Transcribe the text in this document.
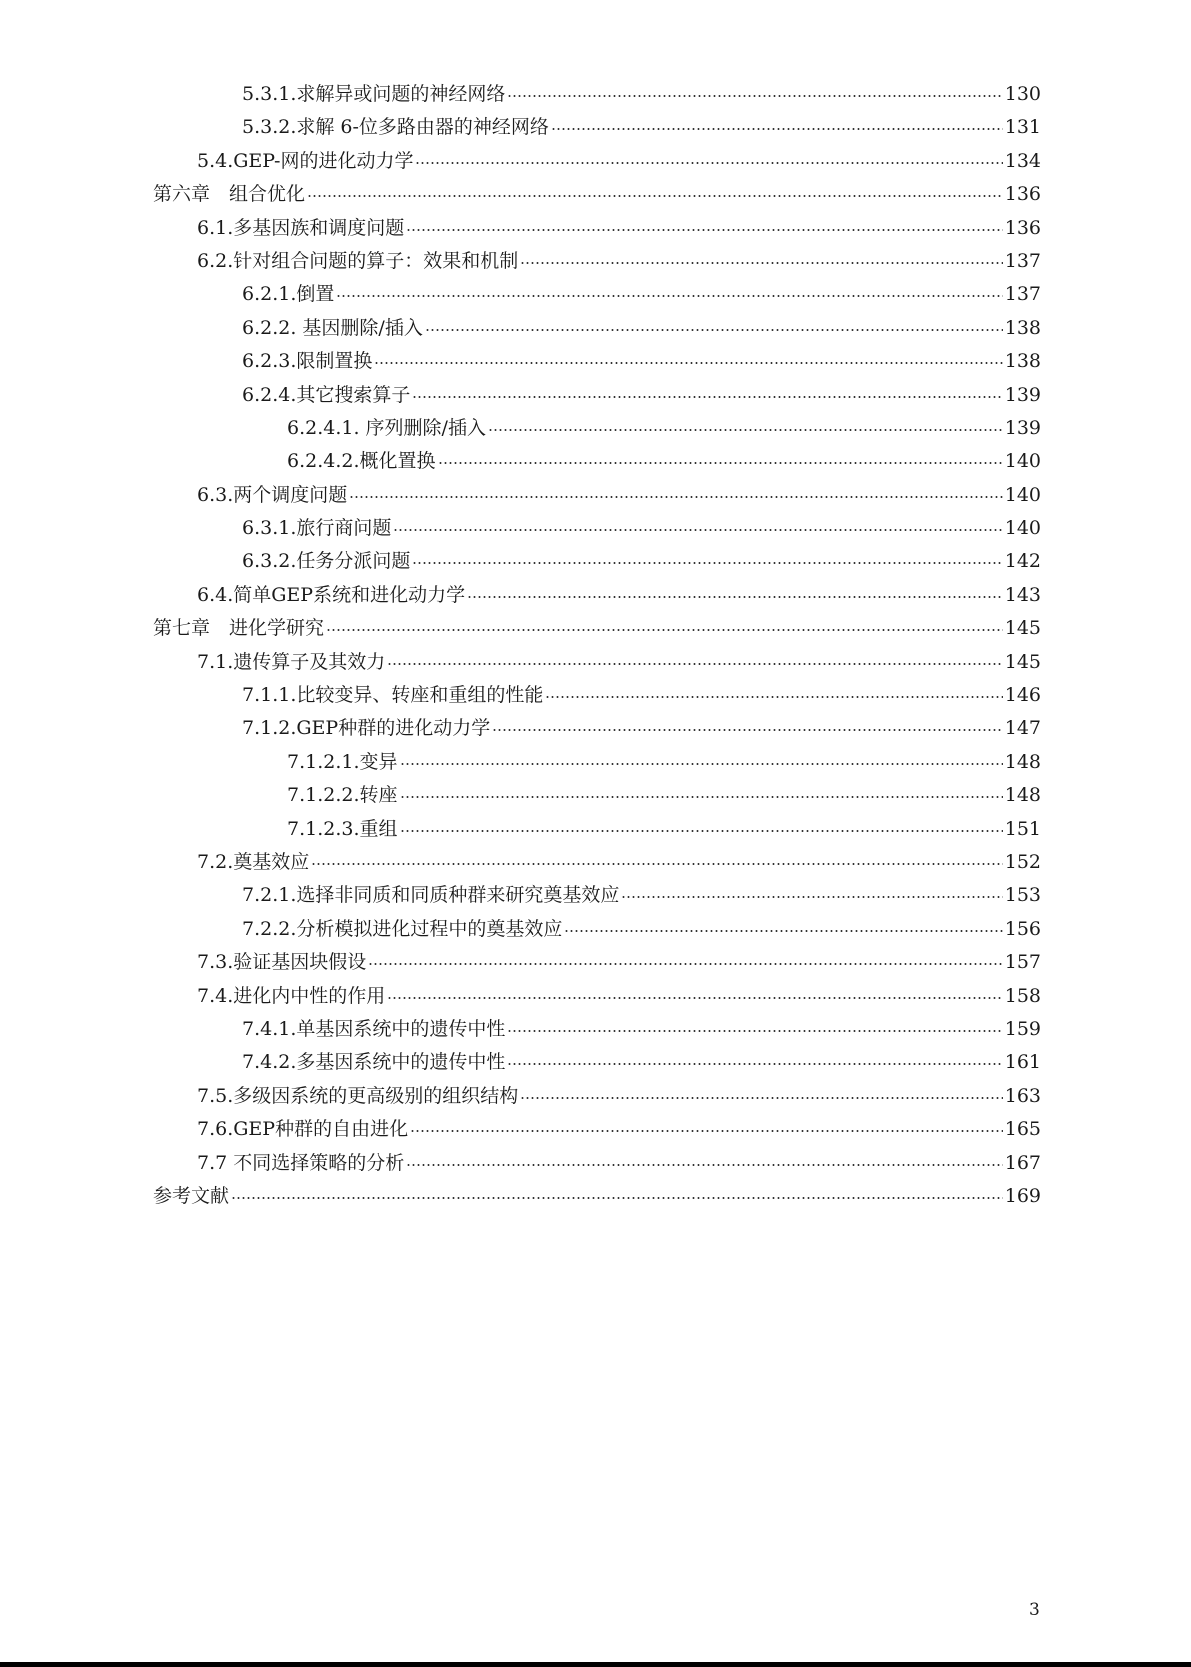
5.3.1.求解异或问题的神经网络	130
5.3.2.求解 6-位多路由器的神经网络	131
5.4.GEP-网的进化动力学	134
第六章　组合优化	136
6.1.多基因族和调度问题	136
6.2.针对组合问题的算子：效果和机制	137
6.2.1.倒置	137
6.2.2. 基因删除/插入	138
6.2.3.限制置换	138
6.2.4.其它搜索算子	139
6.2.4.1. 序列删除/插入	139
6.2.4.2.概化置换	140
6.3.两个调度问题	140
6.3.1.旅行商问题	140
6.3.2.任务分派问题	142
6.4.简单GEP系统和进化动力学	143
第七章　进化学研究	145
7.1.遗传算子及其效力	145
7.1.1.比较变异、转座和重组的性能	146
7.1.2.GEP种群的进化动力学	147
7.1.2.1.变异	148
7.1.2.2.转座	148
7.1.2.3.重组	151
7.2.奠基效应	152
7.2.1.选择非同质和同质种群来研究奠基效应	153
7.2.2.分析模拟进化过程中的奠基效应	156
7.3.验证基因块假设	157
7.4.进化内中性的作用	158
7.4.1.单基因系统中的遗传中性	159
7.4.2.多基因系统中的遗传中性	161
7.5.多级因系统的更高级别的组织结构	163
7.6.GEP种群的自由进化	165
7.7 不同选择策略的分析	167
参考文献	169
3
